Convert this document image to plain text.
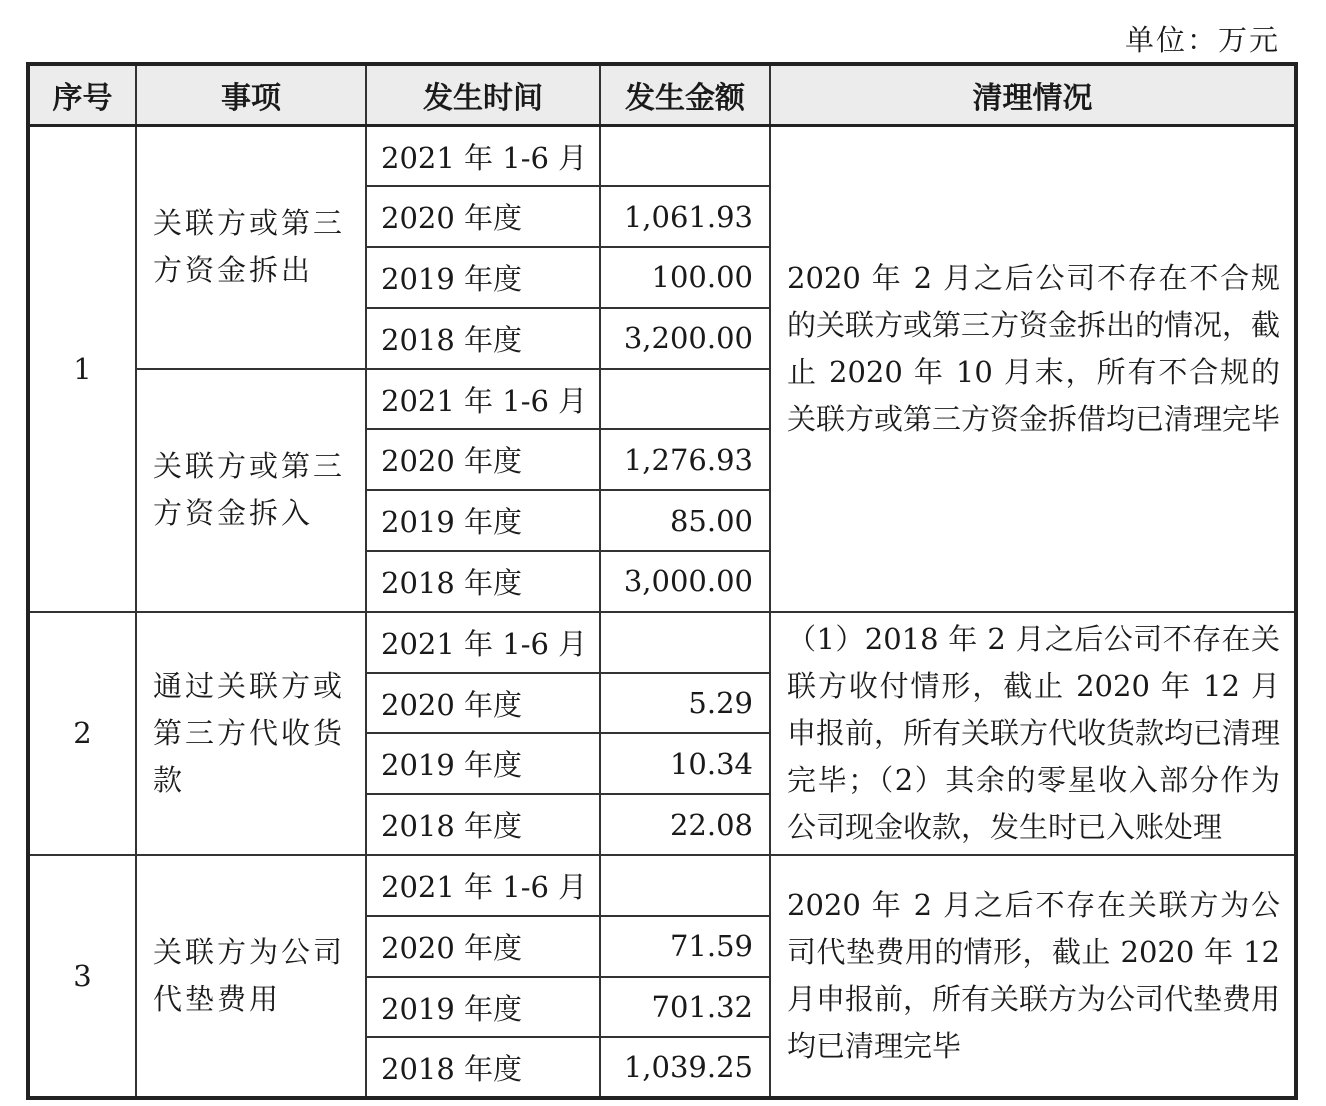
单位：万元
序号	事项	发生时间	发生金额	清理情况
1	关联方或第三方资金拆出	2021 年 1-6 月		2020 年 2 月之后公司不存在不合规的关联方或第三方资金拆出的情况，截止 2020 年 10 月末，所有不合规的关联方或第三方资金拆借均已清理完毕
		2020 年度	1,061.93	
		2019 年度	100.00	
		2018 年度	3,200.00	
	关联方或第三方资金拆入	2021 年 1-6 月		
		2020 年度	1,276.93	
		2019 年度	85.00	
		2018 年度	3,000.00	
2	通过关联方或第三方代收货款	2021 年 1-6 月		（1）2018 年 2 月之后公司不存在关联方收付情形，截止 2020 年 12 月申报前，所有关联方代收货款均已清理完毕；（2）其余的零星收入部分作为公司现金收款，发生时已入账处理
		2020 年度	5.29	
		2019 年度	10.34	
		2018 年度	22.08	
3	关联方为公司代垫费用	2021 年 1-6 月		2020 年 2 月之后不存在关联方为公司代垫费用的情形，截止 2020 年 12 月申报前，所有关联方为公司代垫费用均已清理完毕
		2020 年度	71.59	
		2019 年度	701.32	
		2018 年度	1,039.25	
